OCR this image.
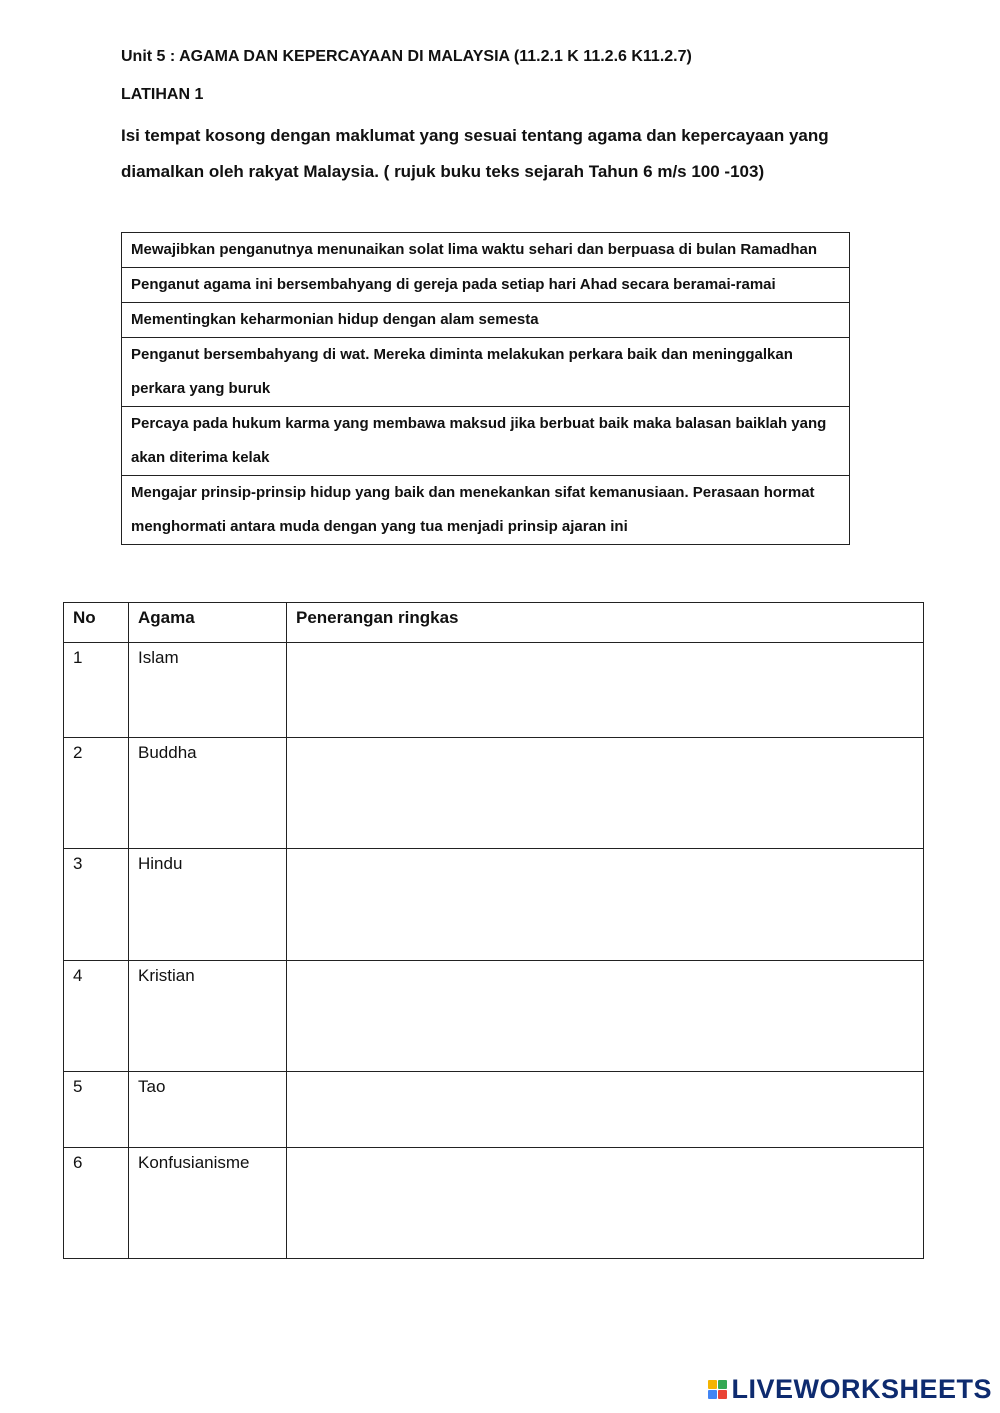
Unit 5 : AGAMA DAN KEPERCAYAAN DI MALAYSIA (11.2.1 K 11.2.6 K11.2.7)
LATIHAN 1
Isi tempat kosong dengan maklumat yang sesuai tentang agama dan kepercayaan yang diamalkan oleh rakyat Malaysia. ( rujuk buku teks sejarah Tahun 6 m/s 100 -103)
Mewajibkan penganutnya menunaikan solat lima waktu sehari dan berpuasa di bulan Ramadhan
Penganut agama ini bersembahyang di gereja pada setiap hari Ahad secara beramai-ramai
Mementingkan keharmonian hidup dengan alam semesta
Penganut bersembahyang di wat. Mereka diminta melakukan perkara baik dan meninggalkan perkara yang buruk
Percaya pada hukum karma yang membawa maksud jika berbuat baik maka balasan baiklah yang akan diterima kelak
Mengajar prinsip-prinsip hidup yang baik dan menekankan sifat kemanusiaan. Perasaan hormat menghormati antara muda dengan yang tua menjadi prinsip ajaran ini
No	Agama	Penerangan ringkas
1	Islam	
2	Buddha	
3	Hindu	
4	Kristian	
5	Tao	
6	Konfusianisme	
LIVEWORKSHEETS
